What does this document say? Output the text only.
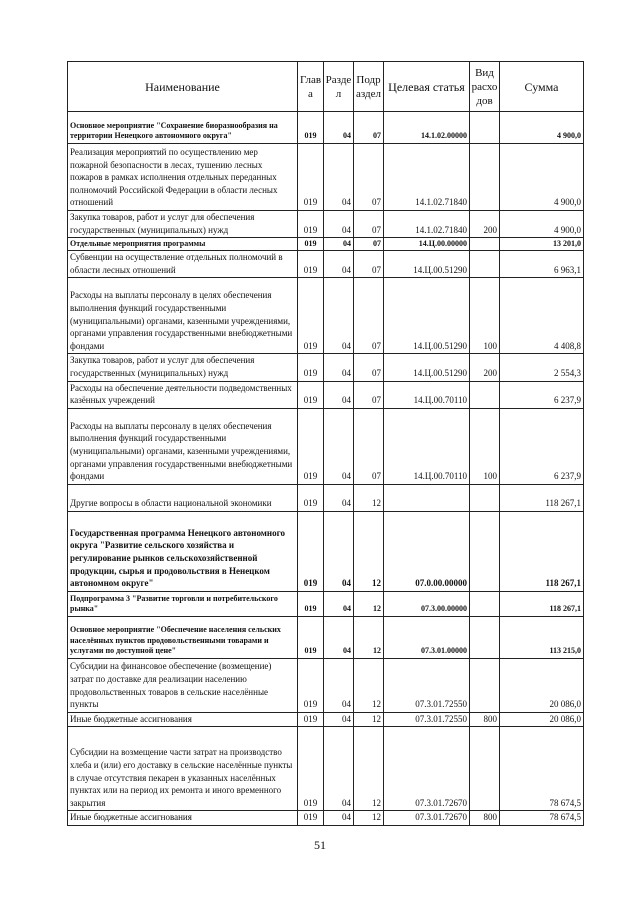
Наименование	Глав а	Разде л	Подр аздел	Целевая статья	Вид расхо дов	Сумма
Основное мероприятие "Сохранение биоразнообразия на территории Ненецкого автономного округа"	019	04	07	14.1.02.00000		4 900,0
Реализация мероприятий по осуществлению мер пожарной безопасности в лесах, тушению лесных пожаров в рамках исполнения отдельных переданных полномочий Российской Федерации в области лесных отношений	019	04	07	14.1.02.71840		4 900,0
Закупка товаров, работ и услуг для обеспечения государственных (муниципальных) нужд	019	04	07	14.1.02.71840	200	4 900,0
Отдельные мероприятия программы	019	04	07	14.Ц.00.00000		13 201,0
Субвенции на осуществление отдельных полномочий в области лесных отношений	019	04	07	14.Ц.00.51290		6 963,1
Расходы на выплаты персоналу в целях обеспечения выполнения функций государственными (муниципальными) органами, казенными учреждениями, органами управления государственными внебюджетными фондами	019	04	07	14.Ц.00.51290	100	4 408,8
Закупка товаров, работ и услуг для обеспечения государственных (муниципальных) нужд	019	04	07	14.Ц.00.51290	200	2 554,3
Расходы на обеспечение деятельности подведомственных казённых учреждений	019	04	07	14.Ц.00.70110		6 237,9
Расходы на выплаты персоналу в целях обеспечения выполнения функций государственными (муниципальными) органами, казенными учреждениями, органами управления государственными внебюджетными фондами	019	04	07	14.Ц.00.70110	100	6 237,9
Другие вопросы в области национальной экономики	019	04	12			118 267,1
Государственная программа Ненецкого автономного округа "Развитие сельского хозяйства и регулирование рынков сельскохозяйственной продукции, сырья и продовольствия в Ненецком автономном округе"	019	04	12	07.0.00.00000		118 267,1
Подпрограмма 3 "Развитие торговли и потребительского рынка"	019	04	12	07.3.00.00000		118 267,1
Основное мероприятие "Обеспечение населения сельских населённых пунктов продовольственными товарами и услугами по доступной цене"	019	04	12	07.3.01.00000		113 215,0
Субсидии на финансовое обеспечение (возмещение) затрат по доставке для реализации населению продовольственных товаров в сельские населённые пункты	019	04	12	07.3.01.72550		20 086,0
Иные бюджетные ассигнования	019	04	12	07.3.01.72550	800	20 086,0
Субсидии на возмещение части затрат на производство хлеба и (или) его доставку в сельские населённые пункты в случае отсутствия пекарен в указанных населённых пунктах или на период их ремонта и иного временного закрытия	019	04	12	07.3.01.72670		78 674,5
Иные бюджетные ассигнования	019	04	12	07.3.01.72670	800	78 674,5
51
